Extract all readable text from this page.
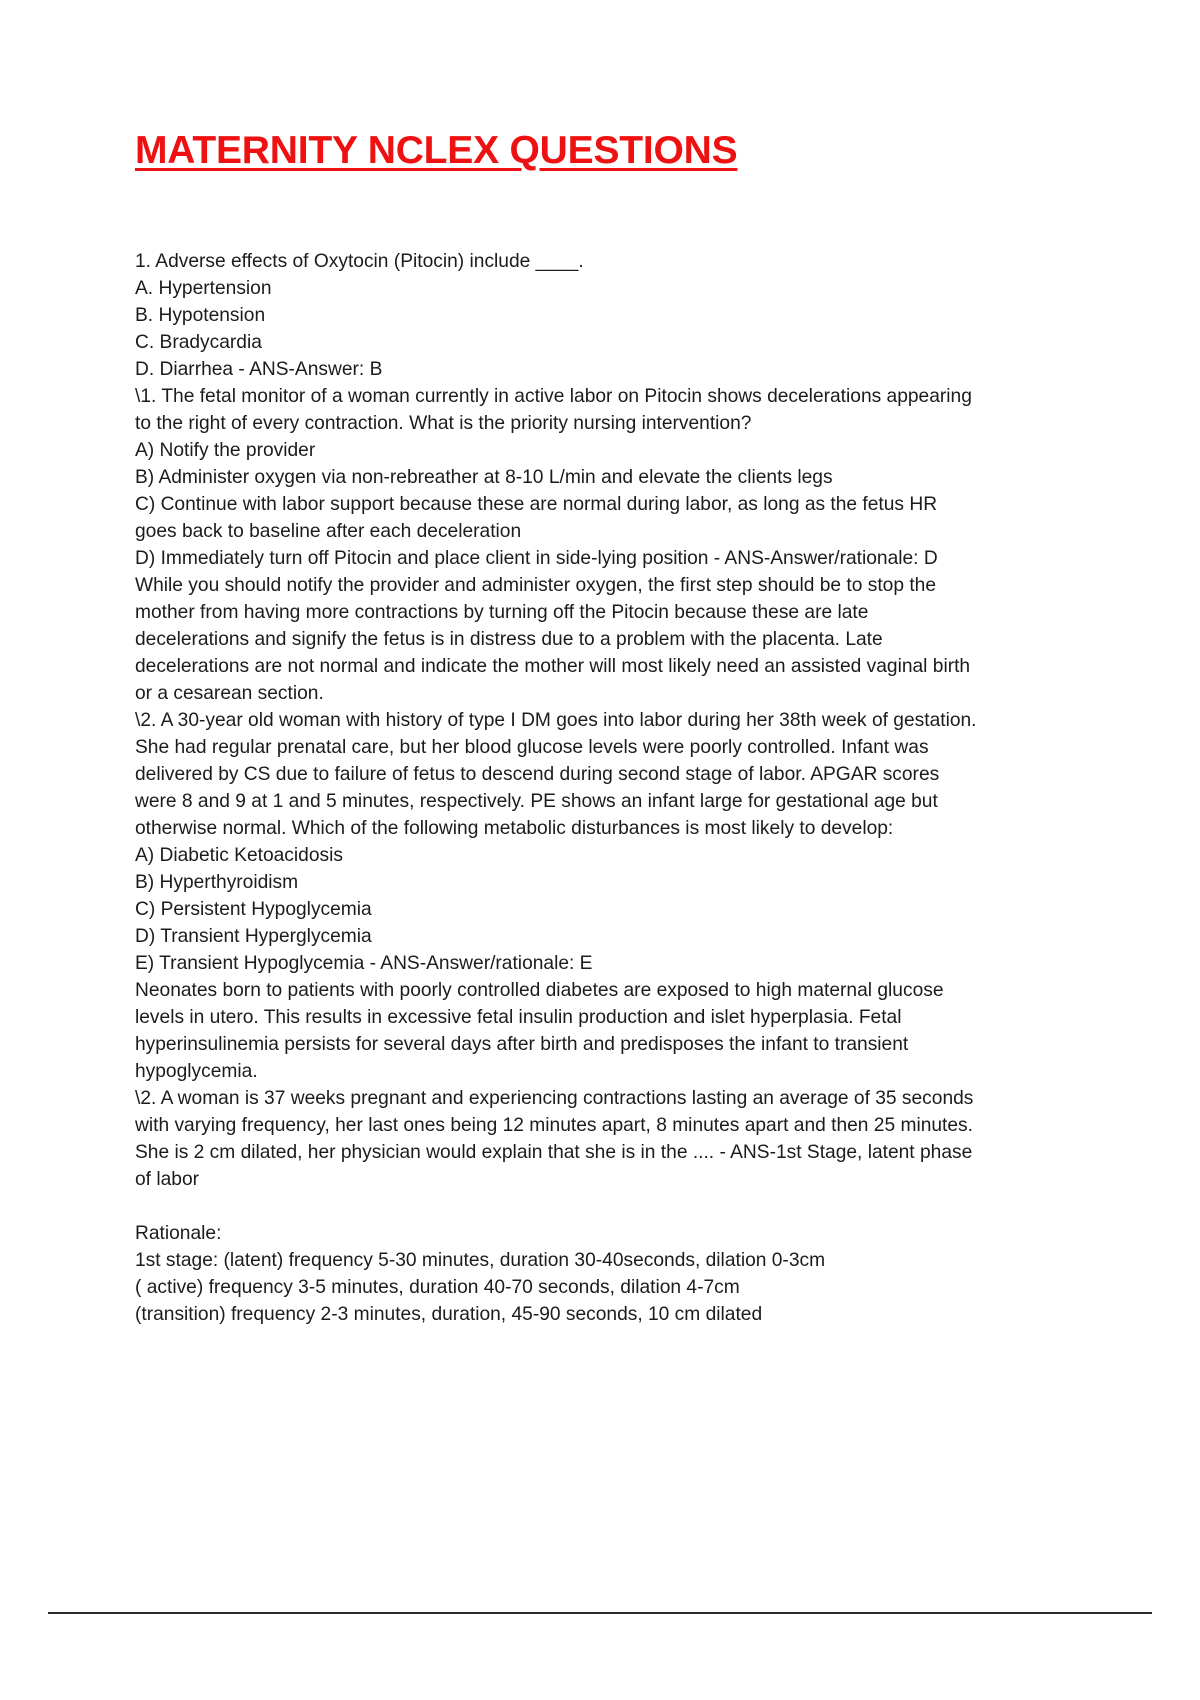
MATERNITY NCLEX QUESTIONS

1. Adverse effects of Oxytocin (Pitocin) include ____.

A. Hypertension

B. Hypotension

C. Bradycardia

D. Diarrhea - ANS-Answer: B

\1. The fetal monitor of a woman currently in active labor on Pitocin shows decelerations appearing to the right of every contraction. What is the priority nursing intervention?

A) Notify the provider

B) Administer oxygen via non-rebreather at 8-10 L/min and elevate the clients legs

C) Continue with labor support because these are normal during labor, as long as the fetus HR goes back to baseline after each deceleration

D) Immediately turn off Pitocin and place client in side-lying position - ANS-Answer/rationale: D

While you should notify the provider and administer oxygen, the first step should be to stop the mother from having more contractions by turning off the Pitocin because these are late decelerations and signify the fetus is in distress due to a problem with the placenta. Late decelerations are not normal and indicate the mother will most likely need an assisted vaginal birth or a cesarean section.

\2. A 30-year old woman with history of type I DM goes into labor during her 38th week of gestation. She had regular prenatal care, but her blood glucose levels were poorly controlled. Infant was delivered by CS due to failure of fetus to descend during second stage of labor. APGAR scores were 8 and 9 at 1 and 5 minutes, respectively. PE shows an infant large for gestational age but otherwise normal. Which of the following metabolic disturbances is most likely to develop:

A) Diabetic Ketoacidosis

B) Hyperthyroidism

C) Persistent Hypoglycemia

D) Transient Hyperglycemia

E) Transient Hypoglycemia - ANS-Answer/rationale: E

Neonates born to patients with poorly controlled diabetes are exposed to high maternal glucose levels in utero. This results in excessive fetal insulin production and islet hyperplasia. Fetal hyperinsulinemia persists for several days after birth and predisposes the infant to transient hypoglycemia.

\2. A woman is 37 weeks pregnant and experiencing contractions lasting an average of 35 seconds with varying frequency, her last ones being 12 minutes apart, 8 minutes apart and then 25 minutes. She is 2 cm dilated, her physician would explain that she is in the .... - ANS-1st Stage, latent phase of labor

Rationale:

1st stage: (latent) frequency 5-30 minutes, duration 30-40seconds, dilation 0-3cm

( active) frequency 3-5 minutes, duration 40-70 seconds, dilation 4-7cm

(transition) frequency 2-3 minutes, duration, 45-90 seconds, 10 cm dilated
